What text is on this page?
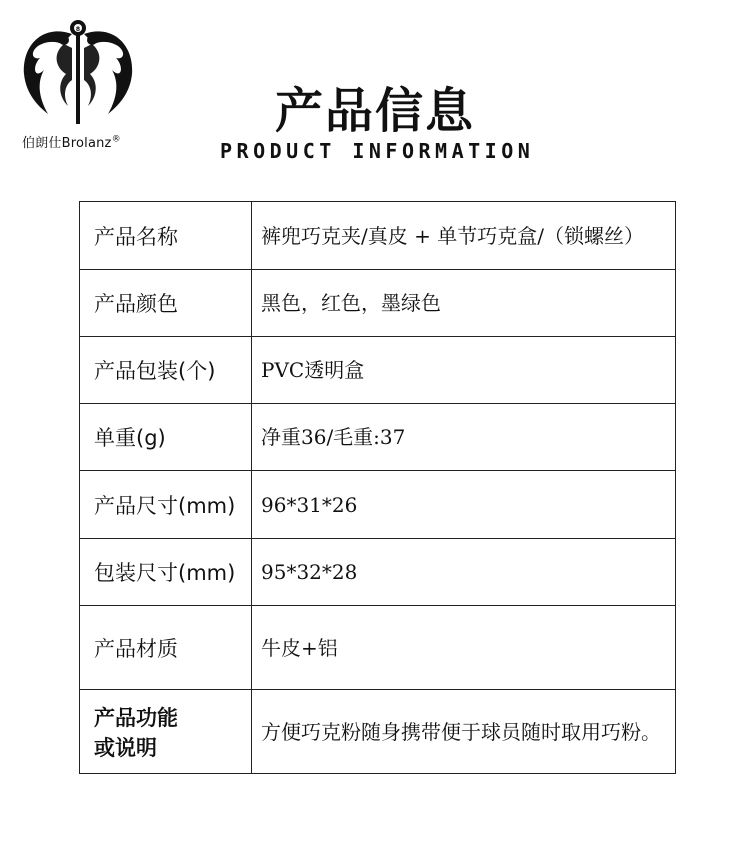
8
伯朗仕Brolanz®
产品信息
PRODUCT INFORMATION
产品名称	裤兜巧克夹/真皮 + 单节巧克盒/（锁螺丝）
产品颜色	黑色，红色，墨绿色
产品包装(个)	PVC透明盒
单重(g)	净重36/毛重:37
产品尺寸(mm)	96*31*26
包装尺寸(mm)	95*32*28
产品材质	牛皮+铝
产品功能或说明	方便巧克粉随身携带便于球员随时取用巧粉。
